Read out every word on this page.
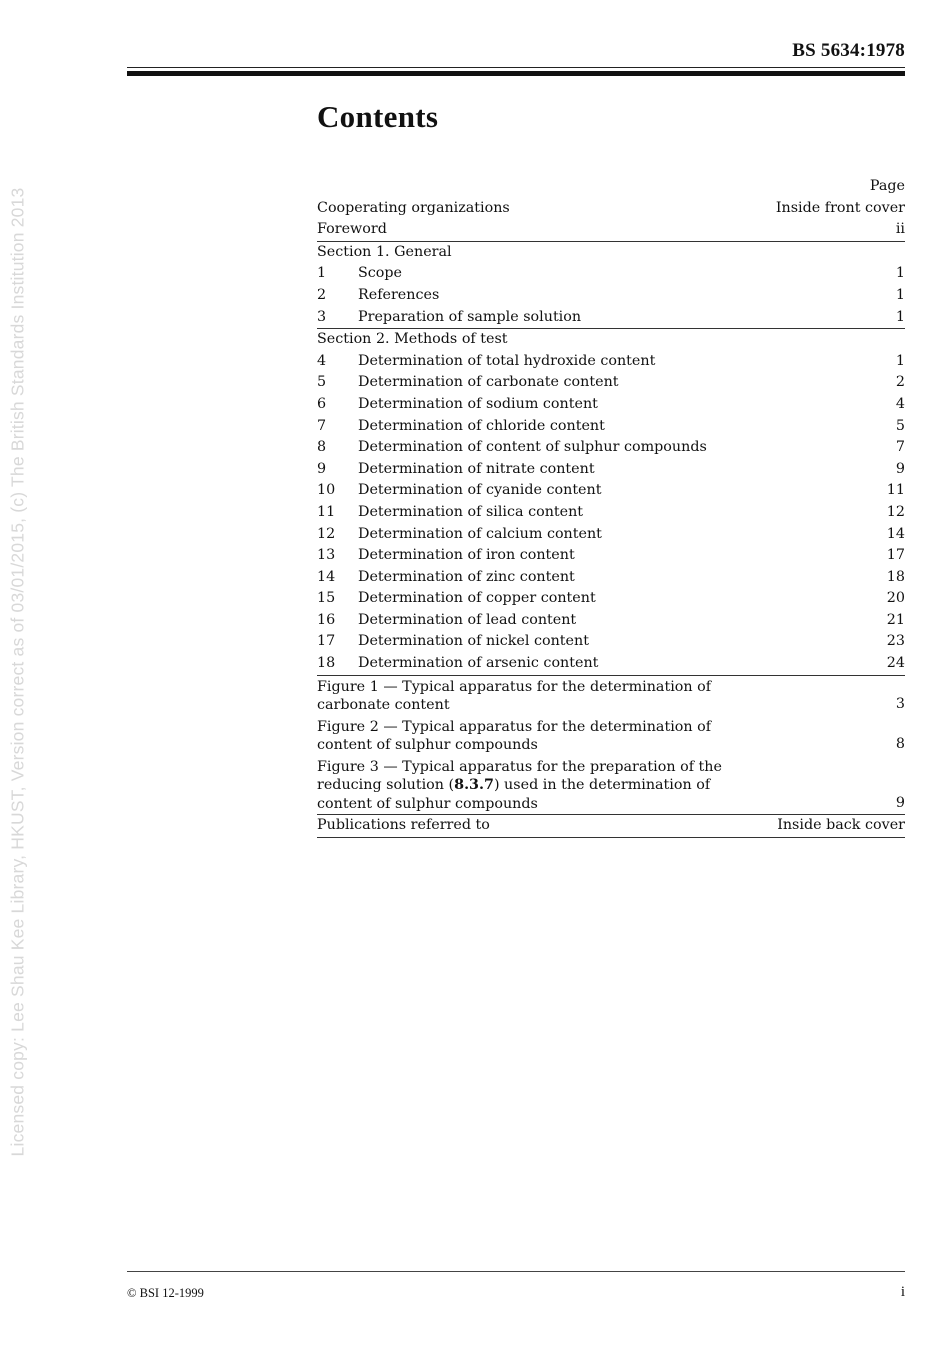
BS 5634:1978
Licensed copy: Lee Shau Kee Library, HKUST, Version correct as of 03/01/2015, (c) The British Standards Institution 2013
Contents
Page
Cooperating organizations	Inside front cover
Foreword	ii
Section 1. General
1	Scope	1
2	References	1
3	Preparation of sample solution	1
Section 2. Methods of test
4	Determination of total hydroxide content	1
5	Determination of carbonate content	2
6	Determination of sodium content	4
7	Determination of chloride content	5
8	Determination of content of sulphur compounds	7
9	Determination of nitrate content	9
10	Determination of cyanide content	11
11	Determination of silica content	12
12	Determination of calcium content	14
13	Determination of iron content	17
14	Determination of zinc content	18
15	Determination of copper content	20
16	Determination of lead content	21
17	Determination of nickel content	23
18	Determination of arsenic content	24
Figure 1 — Typical apparatus for the determination of
carbonate content	3
Figure 2 — Typical apparatus for the determination of
content of sulphur compounds	8
Figure 3 — Typical apparatus for the preparation of the
reducing solution (8.3.7) used in the determination of
content of sulphur compounds	9
Publications referred to	Inside back cover
© BSI 12-1999	i
